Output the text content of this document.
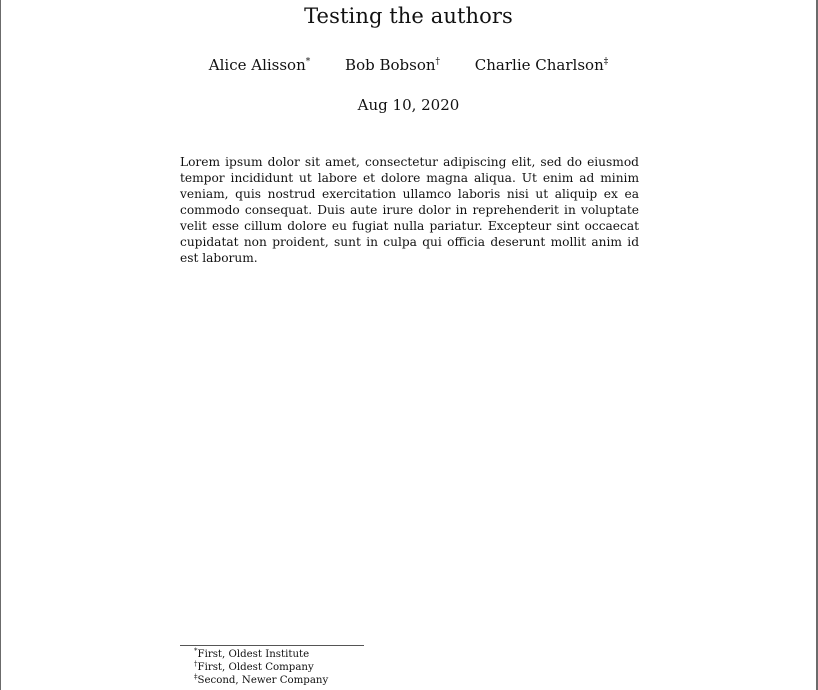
Testing the authors
Alice Alisson* Bob Bobson† Charlie Charlson‡
Aug 10, 2020
Lorem ipsum dolor sit amet, consectetur adipiscing elit, sed do eiusmod tempor incididunt ut labore et dolore magna aliqua. Ut enim ad minim veniam, quis nostrud exercitation ullamco laboris nisi ut aliquip ex ea commodo consequat. Duis aute irure dolor in reprehenderit in voluptate velit esse cillum dolore eu fugiat nulla pariatur. Excepteur sint occaecat cupidatat non proident, sunt in culpa qui officia deserunt mollit anim id est laborum.
*First, Oldest Institute
†First, Oldest Company
‡Second, Newer Company
